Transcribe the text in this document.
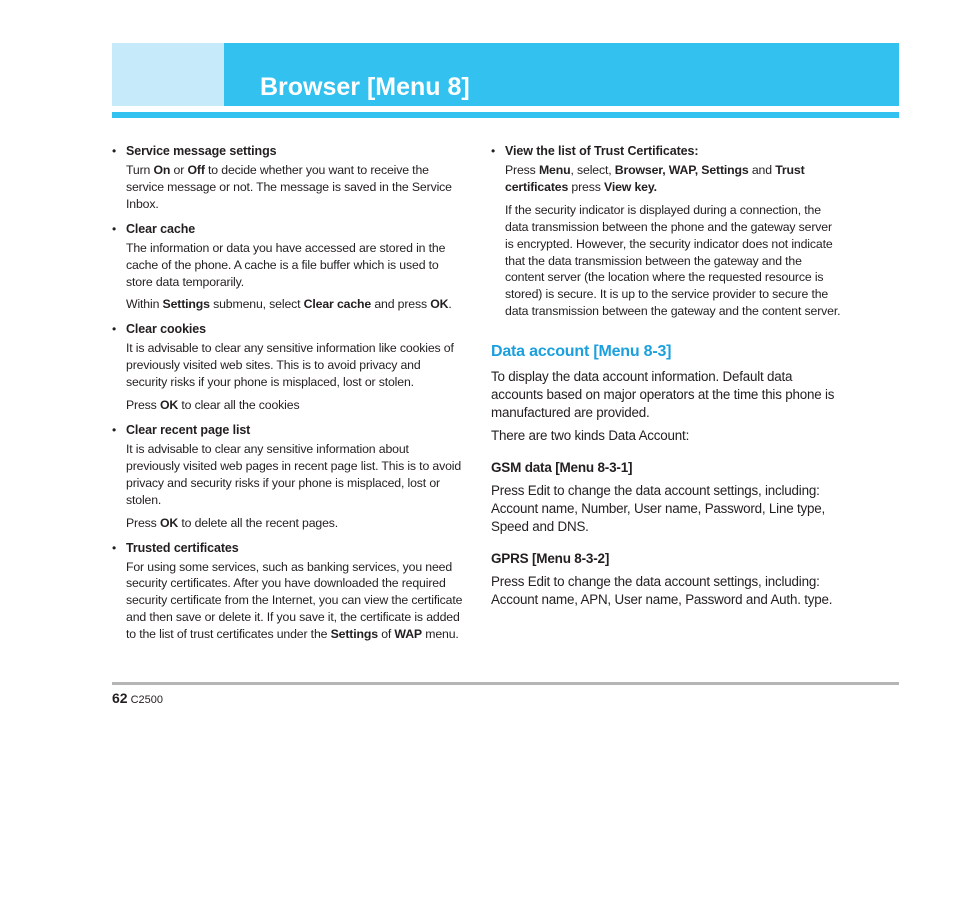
Browser [Menu 8]
• Service message settings
Turn On or Off to decide whether you want to receive the service message or not. The message is saved in the Service Inbox.
• Clear cache
The information or data you have accessed are stored in the cache of the phone. A cache is a file buffer which is used to store data temporarily.
Within Settings submenu, select Clear cache and press OK.
• Clear cookies
It is advisable to clear any sensitive information like cookies of previously visited web sites. This is to avoid privacy and security risks if your phone is misplaced, lost or stolen.
Press OK to clear all the cookies
• Clear recent page list
It is advisable to clear any sensitive information about previously visited web pages in recent page list. This is to avoid privacy and security risks if your phone is misplaced, lost or stolen.
Press OK to delete all the recent pages.
• Trusted certificates
For using some services, such as banking services, you need security certificates. After you have downloaded the required security certificate from the Internet, you can view the certificate and then save or delete it. If you save it, the certificate is added to the list of trust certificates under the Settings of WAP menu.
• View the list of Trust Certificates:
Press Menu, select, Browser, WAP, Settings and Trust certificates press View key.
If the security indicator is displayed during a connection, the data transmission between the phone and the gateway server is encrypted. However, the security indicator does not indicate that the data transmission between the gateway and the content server (the location where the requested resource is stored) is secure. It is up to the service provider to secure the data transmission between the gateway and the content server.
Data account [Menu 8-3]
To display the data account information. Default data accounts based on major operators at the time this phone is manufactured are provided.
There are two kinds Data Account:
GSM data [Menu 8-3-1]
Press Edit to change the data account settings, including: Account name, Number, User name, Password, Line type, Speed and DNS.
GPRS [Menu 8-3-2]
Press Edit to change the data account settings, including: Account name, APN, User name, Password and Auth. type.
62 C2500
